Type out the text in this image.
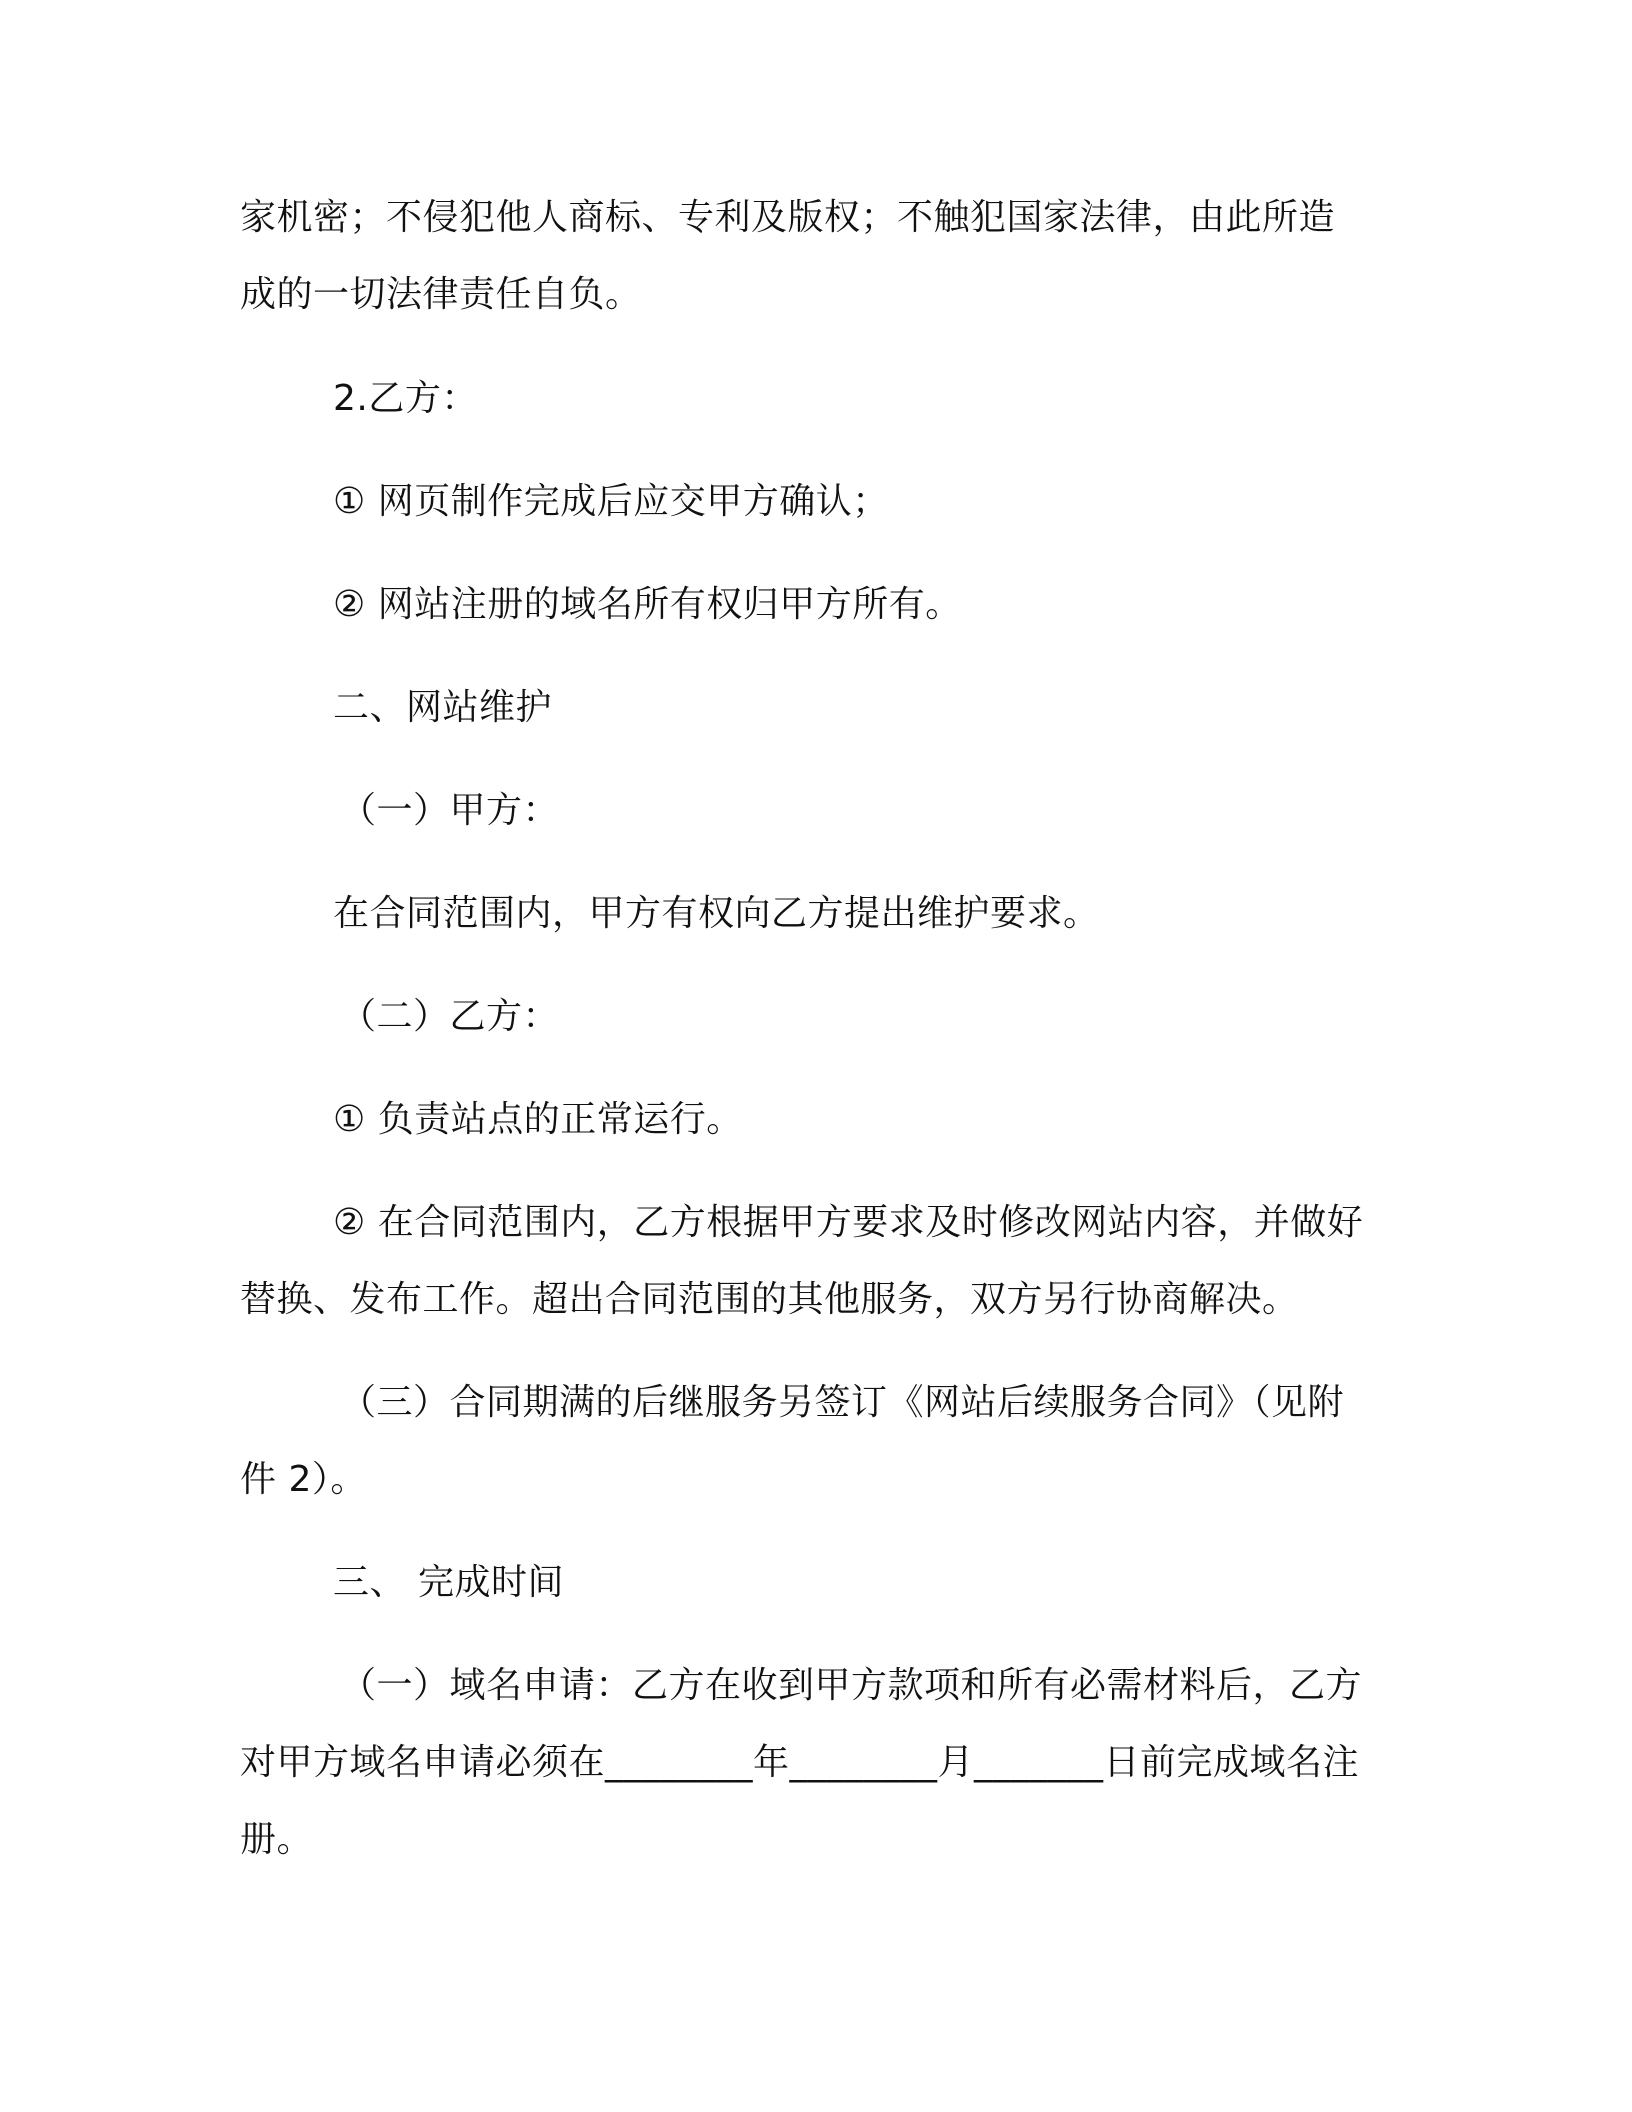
家机密；不侵犯他人商标、专利及版权；不触犯国家法律，由此所造
成的一切法律责任自负。
2.乙方：
① 网页制作完成后应交甲方确认；
② 网站注册的域名所有权归甲方所有。
二、网站维护
（一）甲方：
在合同范围内，甲方有权向乙方提出维护要求。
（二）乙方：
① 负责站点的正常运行。
② 在合同范围内，乙方根据甲方要求及时修改网站内容，并做好
替换、发布工作。超出合同范围的其他服务，双方另行协商解决。
（三）合同期满的后继服务另签订《网站后续服务合同》（见附
件 2）。
三、 完成时间
（一）域名申请：乙方在收到甲方款项和所有必需材料后，乙方
对甲方域名申请必须在________年________月_______日前完成域名注
册。
